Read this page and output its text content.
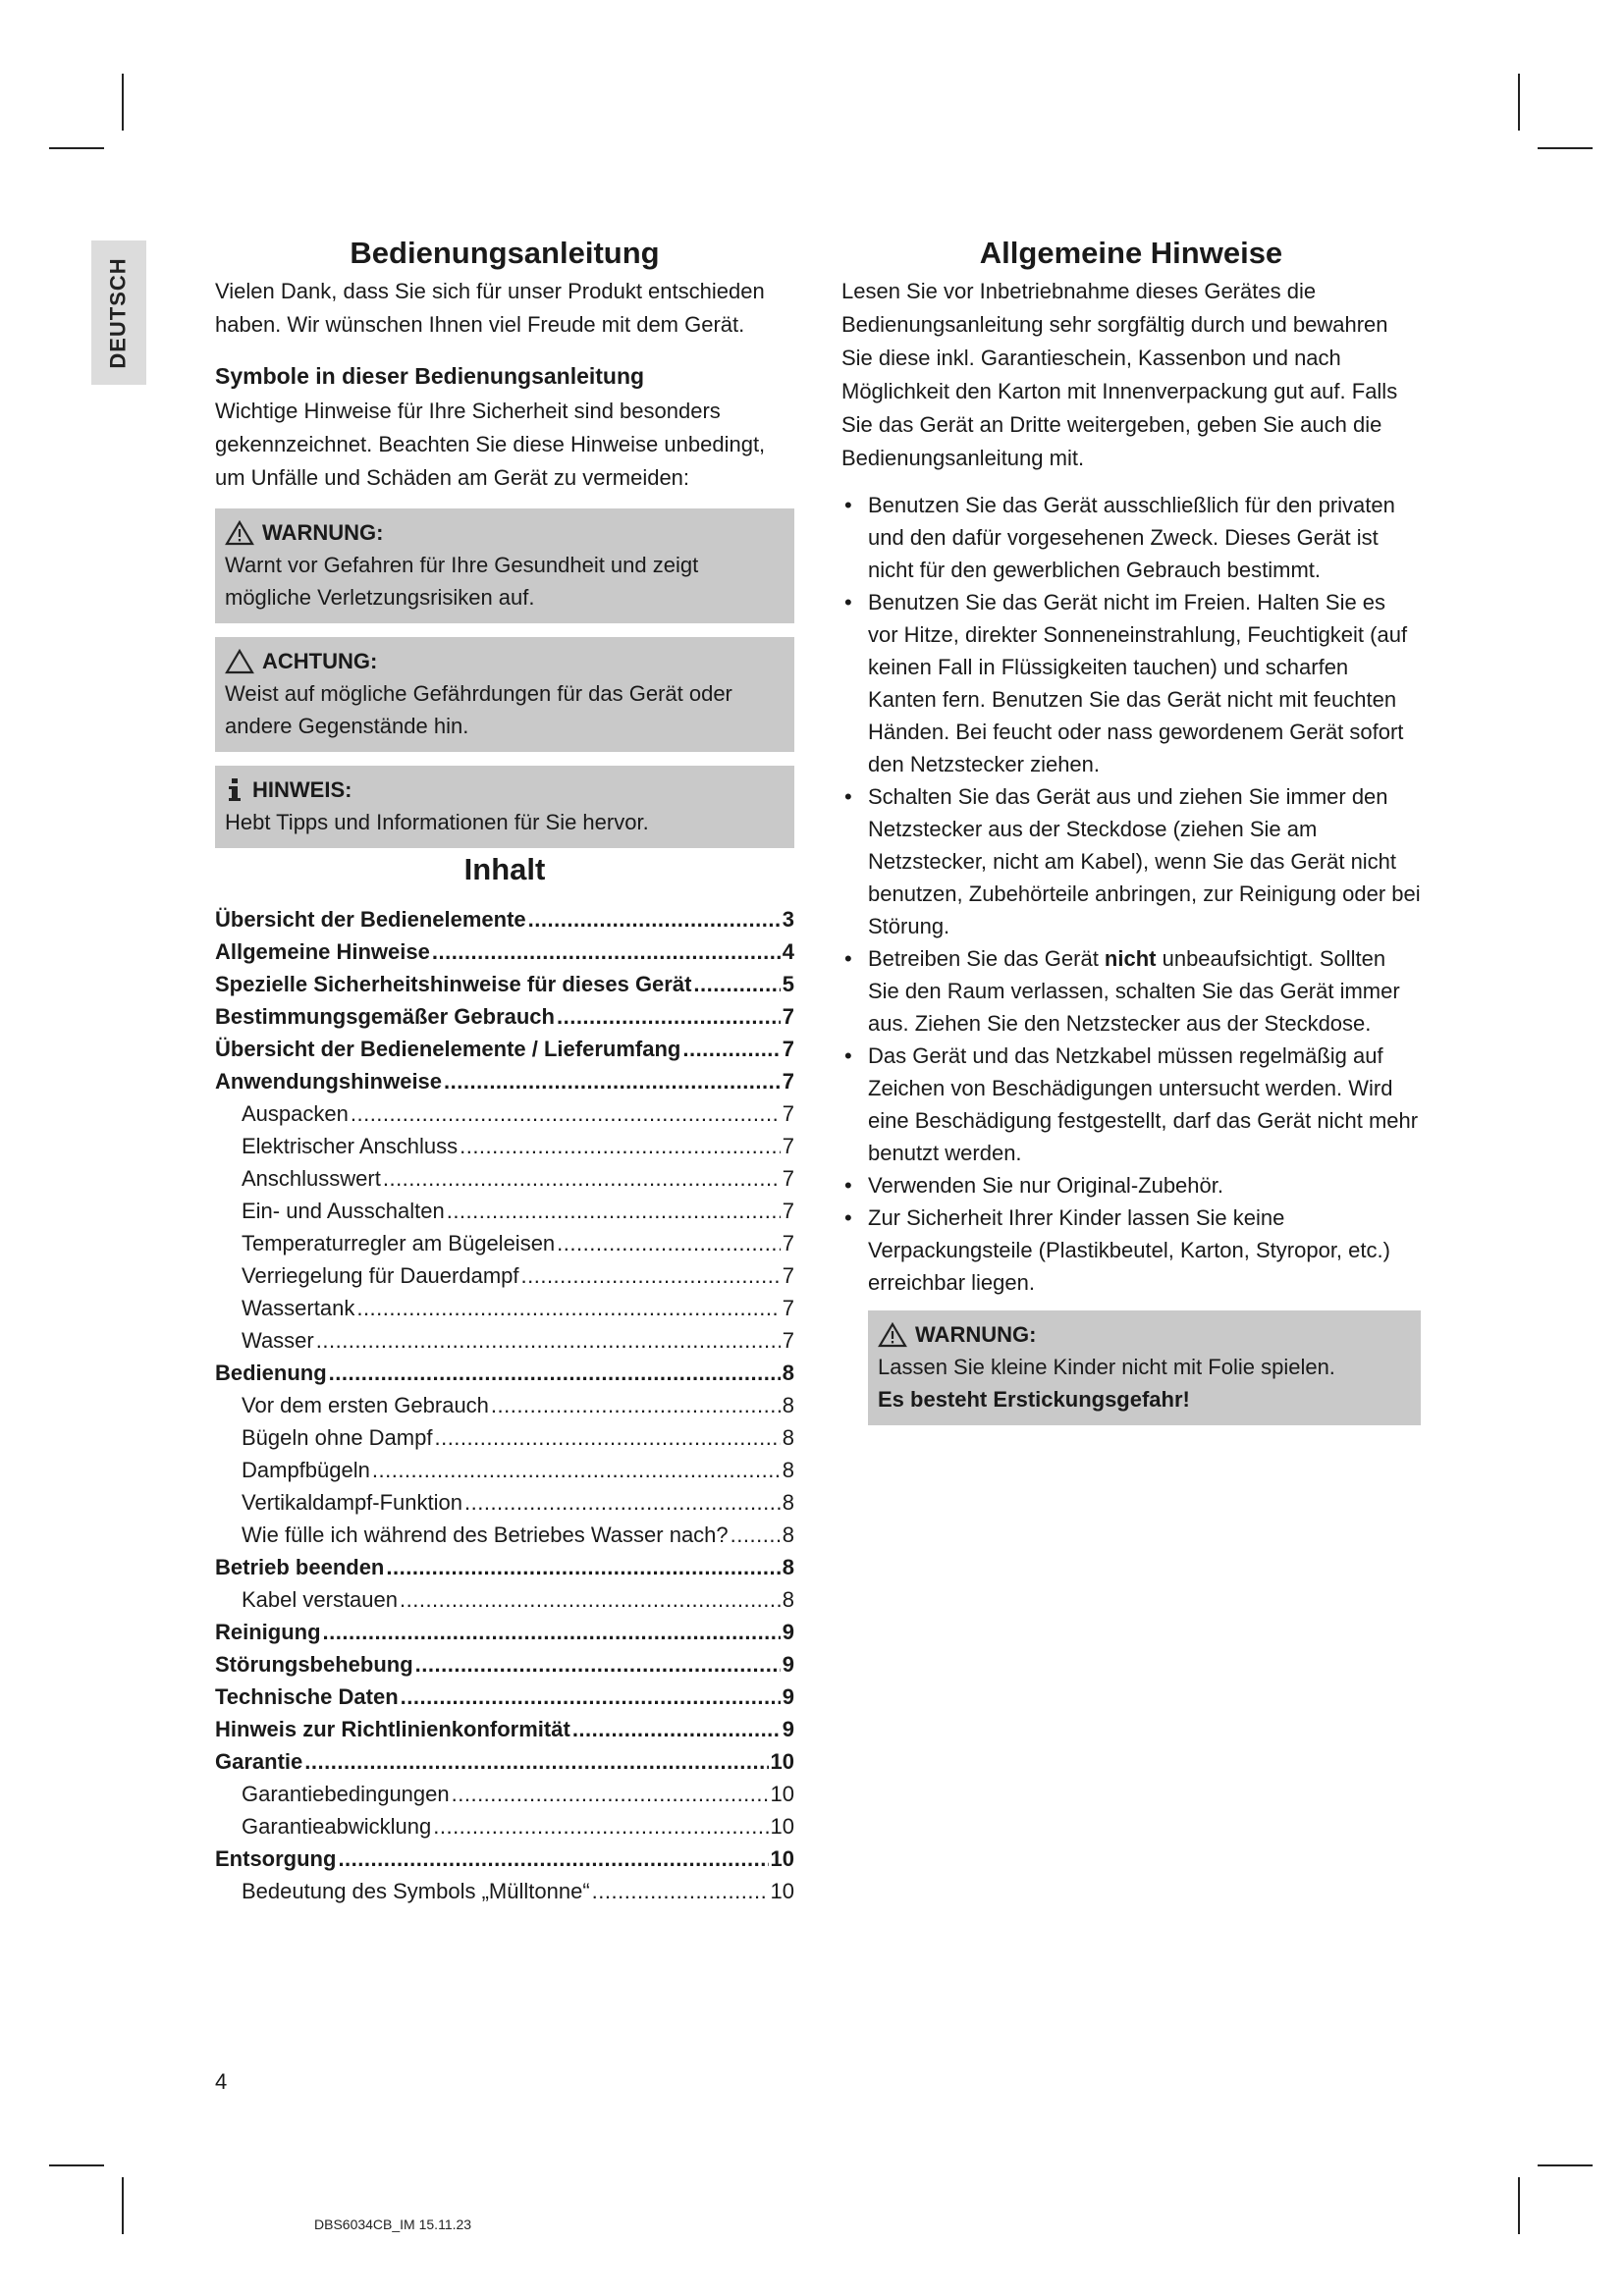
DEUTSCH
Bedienungsanleitung

Vielen Dank, dass Sie sich für unser Produkt entschieden haben. Wir wünschen Ihnen viel Freude mit dem Gerät.

Symbole in dieser Bedienungsanleitung

Wichtige Hinweise für Ihre Sicherheit sind besonders gekennzeichnet. Beachten Sie diese Hinweise unbedingt, um Unfälle und Schäden am Gerät zu vermeiden:

WARNUNG:
Warnt vor Gefahren für Ihre Gesundheit und zeigt mögliche Verletzungsrisiken auf.
ACHTUNG:
Weist auf mögliche Gefährdungen für das Gerät oder andere Gegenstände hin.
HINWEIS:
Hebt Tipps und Informationen für Sie hervor.
Inhalt
Übersicht der Bedienelemente .....	3
Allgemeine Hinweise .....	4
Spezielle Sicherheitshinweise für dieses Gerät .....	5
Bestimmungsgemäßer Gebrauch .....	7
Übersicht der Bedienelemente / Lieferumfang .....	7
Anwendungshinweise .....	7
Auspacken .....	7
Elektrischer Anschluss .....	7
Anschlusswert .....	7
Ein- und Ausschalten .....	7
Temperaturregler am Bügeleisen .....	7
Verriegelung für Dauerdampf .....	7
Wassertank .....	7
Wasser .....	7
Bedienung .....	8
Vor dem ersten Gebrauch .....	8
Bügeln ohne Dampf .....	8
Dampfbügeln .....	8
Vertikaldampf-Funktion .....	8
Wie fülle ich während des Betriebes Wasser nach? .....	8
Betrieb beenden .....	8
Kabel verstauen .....	8
Reinigung .....	9
Störungsbehebung .....	9
Technische Daten .....	9
Hinweis zur Richtlinienkonformität .....	9
Garantie .....	10
Garantiebedingungen .....	10
Garantieabwicklung .....	10
Entsorgung .....	10
Bedeutung des Symbols „Mülltonne“ .....	10
Allgemeine Hinweise

Lesen Sie vor Inbetriebnahme dieses Gerätes die Bedienungsanleitung sehr sorgfältig durch und bewahren Sie diese inkl. Garantieschein, Kassenbon und nach Möglichkeit den Karton mit Innenverpackung gut auf. Falls Sie das Gerät an Dritte weitergeben, geben Sie auch die Bedienungsanleitung mit.

• Benutzen Sie das Gerät ausschließlich für den privaten und den dafür vorgesehenen Zweck. Dieses Gerät ist nicht für den gewerblichen Gebrauch bestimmt.
• Benutzen Sie das Gerät nicht im Freien. Halten Sie es vor Hitze, direkter Sonneneinstrahlung, Feuchtigkeit (auf keinen Fall in Flüssigkeiten tauchen) und scharfen Kanten fern. Benutzen Sie das Gerät nicht mit feuchten Händen. Bei feucht oder nass gewordenem Gerät sofort den Netzstecker ziehen.
• Schalten Sie das Gerät aus und ziehen Sie immer den Netzstecker aus der Steckdose (ziehen Sie am Netzstecker, nicht am Kabel), wenn Sie das Gerät nicht benutzen, Zubehörteile anbringen, zur Reinigung oder bei Störung.
• Betreiben Sie das Gerät nicht unbeaufsichtigt. Sollten Sie den Raum verlassen, schalten Sie das Gerät immer aus. Ziehen Sie den Netzstecker aus der Steckdose.
• Das Gerät und das Netzkabel müssen regelmäßig auf Zeichen von Beschädigungen untersucht werden. Wird eine Beschädigung festgestellt, darf das Gerät nicht mehr benutzt werden.
• Verwenden Sie nur Original-Zubehör.
• Zur Sicherheit Ihrer Kinder lassen Sie keine Verpackungsteile (Plastikbeutel, Karton, Styropor, etc.) erreichbar liegen.
WARNUNG:
Lassen Sie kleine Kinder nicht mit Folie spielen.
Es besteht Erstickungsgefahr!
4
DBS6034CB_IM 15.11.23
